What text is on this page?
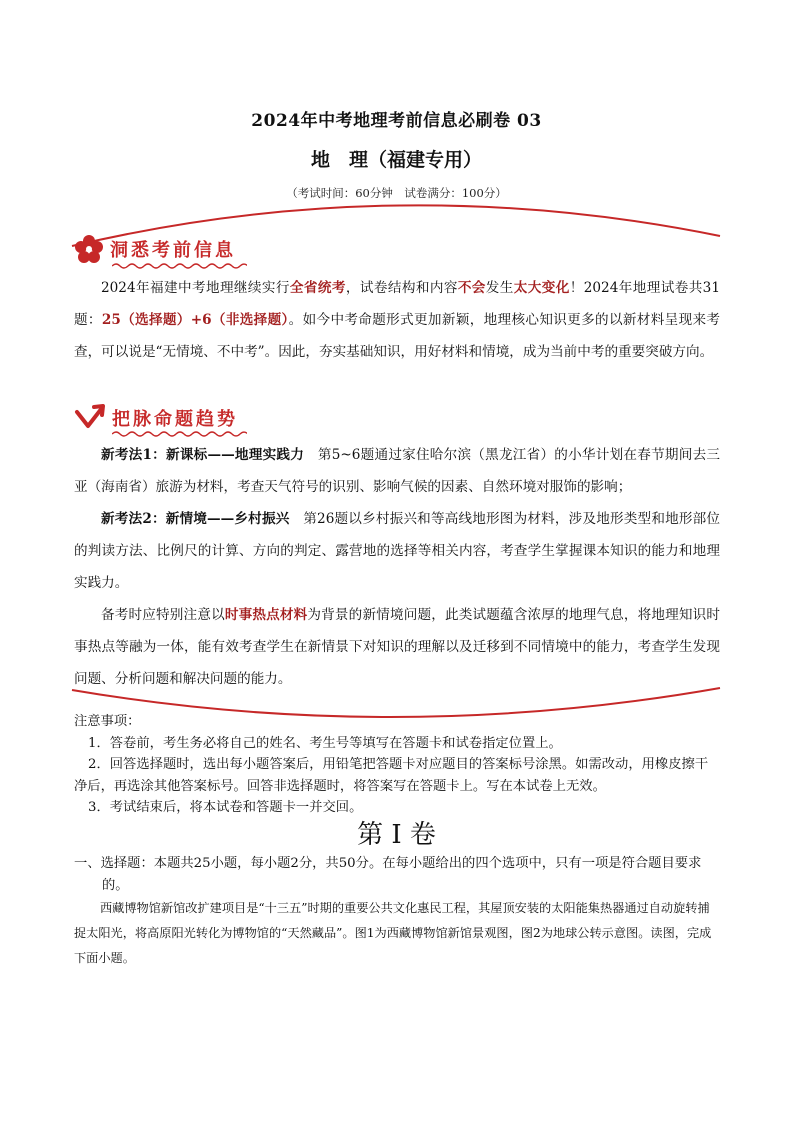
2024年中考地理考前信息必刷卷 03
地　理（福建专用）
（考试时间：60分钟　试卷满分：100分）
洞悉考前信息

2024年福建中考地理继续实行全省统考，试卷结构和内容不会发生太大变化！2024年地理试卷共31题：25（选择题）+6（非选择题）。如今中考命题形式更加新颖，地理核心知识更多的以新材料呈现来考查，可以说是“无情境、不中考”。因此，夯实基础知识，用好材料和情境，成为当前中考的重要突破方向。

把脉命题趋势

新考法1：新课标——地理实践力　第5~6题通过家住哈尔滨（黑龙江省）的小华计划在春节期间去三亚（海南省）旅游为材料，考查天气符号的识别、影响气候的因素、自然环境对服饰的影响；

新考法2：新情境——乡村振兴　第26题以乡村振兴和等高线地形图为材料，涉及地形类型和地形部位的判读方法、比例尺的计算、方向的判定、露营地的选择等相关内容，考查学生掌握课本知识的能力和地理实践力。

备考时应特别注意以时事热点材料为背景的新情境问题，此类试题蕴含浓厚的地理气息，将地理知识时事热点等融为一体，能有效考查学生在新情景下对知识的理解以及迁移到不同情境中的能力，考查学生发现问题、分析问题和解决问题的能力。

注意事项：
1．答卷前，考生务必将自己的姓名、考生号等填写在答题卡和试卷指定位置上。
2．回答选择题时，选出每小题答案后，用铅笔把答题卡对应题目的答案标号涂黑。如需改动，用橡皮擦干净后，再选涂其他答案标号。回答非选择题时，将答案写在答题卡上。写在本试卷上无效。
3．考试结束后，将本试卷和答题卡一并交回。
第 I 卷
一、选择题：本题共25小题，每小题2分，共50分。在每小题给出的四个选项中，只有一项是符合题目要求的。

西藏博物馆新馆改扩建项目是“十三五”时期的重要公共文化惠民工程，其屋顶安装的太阳能集热器通过自动旋转捕捉太阳光，将高原阳光转化为博物馆的“天然藏品”。图1为西藏博物馆新馆景观图，图2为地球公转示意图。读图，完成下面小题。
